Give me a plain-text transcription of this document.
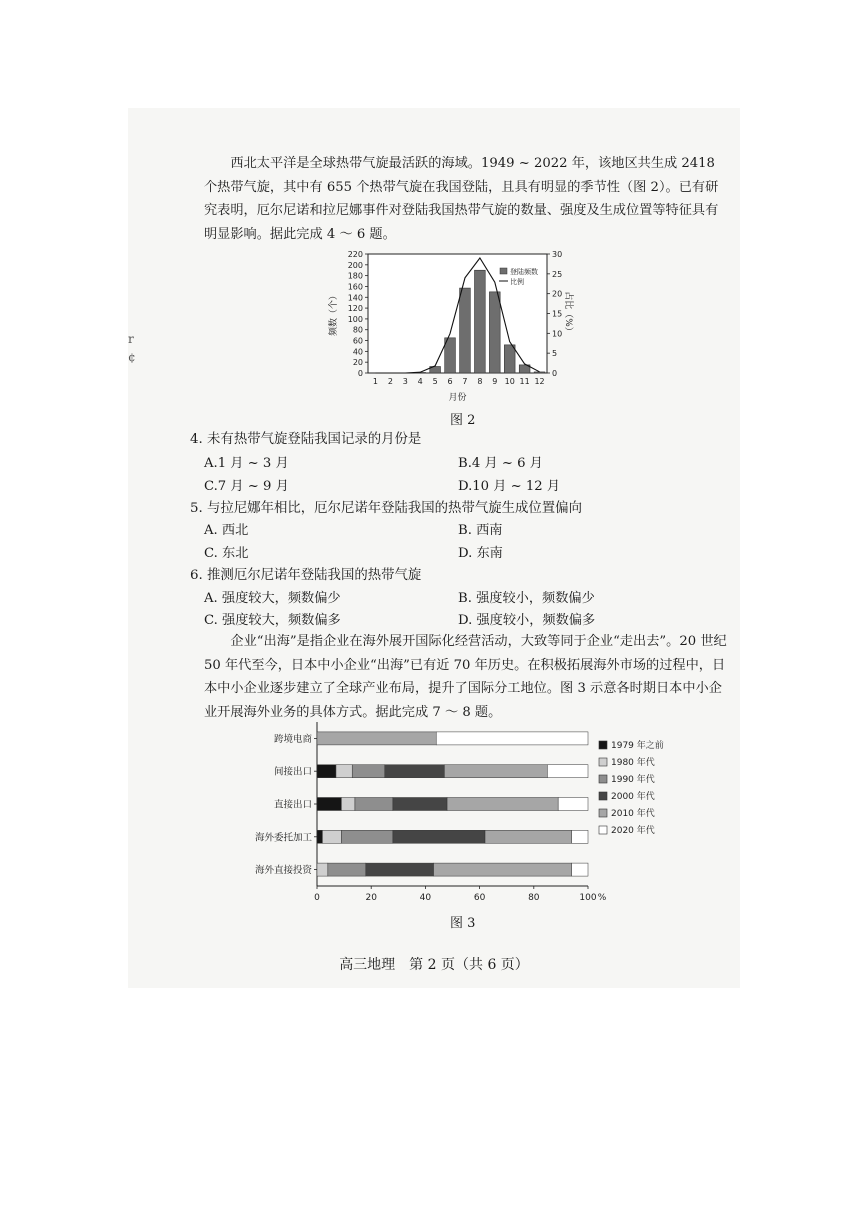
r
¢

西北太平洋是全球热带气旋最活跃的海域。1949 ~ 2022 年，该地区共生成 2418 个热带气旋，其中有 655 个热带气旋在我国登陆，且具有明显的季节性（图 2）。已有研究表明，厄尔尼诺和拉尼娜事件对登陆我国热带气旋的数量、强度及生成位置等特征具有明显影响。据此完成 4 ～ 6 题。

0
20
40
60
80
100
120
140
160
180
200
220
0
5
10
15
20
25
30
1 2 3 4 5 6 7 8 9 10 11 12
月份
频数（个）	占比（%）
登陆频数
比例
图 2
4. 未有热带气旋登陆我国记录的月份是
A.1 月 ~ 3 月	B.4 月 ~ 6 月
C.7 月 ~ 9 月	D.10 月 ~ 12 月
5. 与拉尼娜年相比，厄尔尼诺年登陆我国的热带气旋生成位置偏向
A. 西北	B. 西南
C. 东北	D. 东南
6. 推测厄尔尼诺年登陆我国的热带气旋
A. 强度较大，频数偏少	B. 强度较小，频数偏少
C. 强度较大，频数偏多	D. 强度较小，频数偏多

企业“出海”是指企业在海外展开国际化经营活动，大致等同于企业“走出去”。20 世纪 50 年代至今，日本中小企业“出海”已有近 70 年历史。在积极拓展海外市场的过程中，日本中小企业逐步建立了全球产业布局，提升了国际分工地位。图 3 示意各时期日本中小企业开展海外业务的具体方式。据此完成 7 ～ 8 题。

0	20	40	60	80	100 %
跨境电商
间接出口
直接出口
海外委托加工
海外直接投资
1979 年之前
1980 年代
1990 年代
2000 年代
2010 年代
2020 年代
图 3
高三地理　第 2 页（共 6 页）
